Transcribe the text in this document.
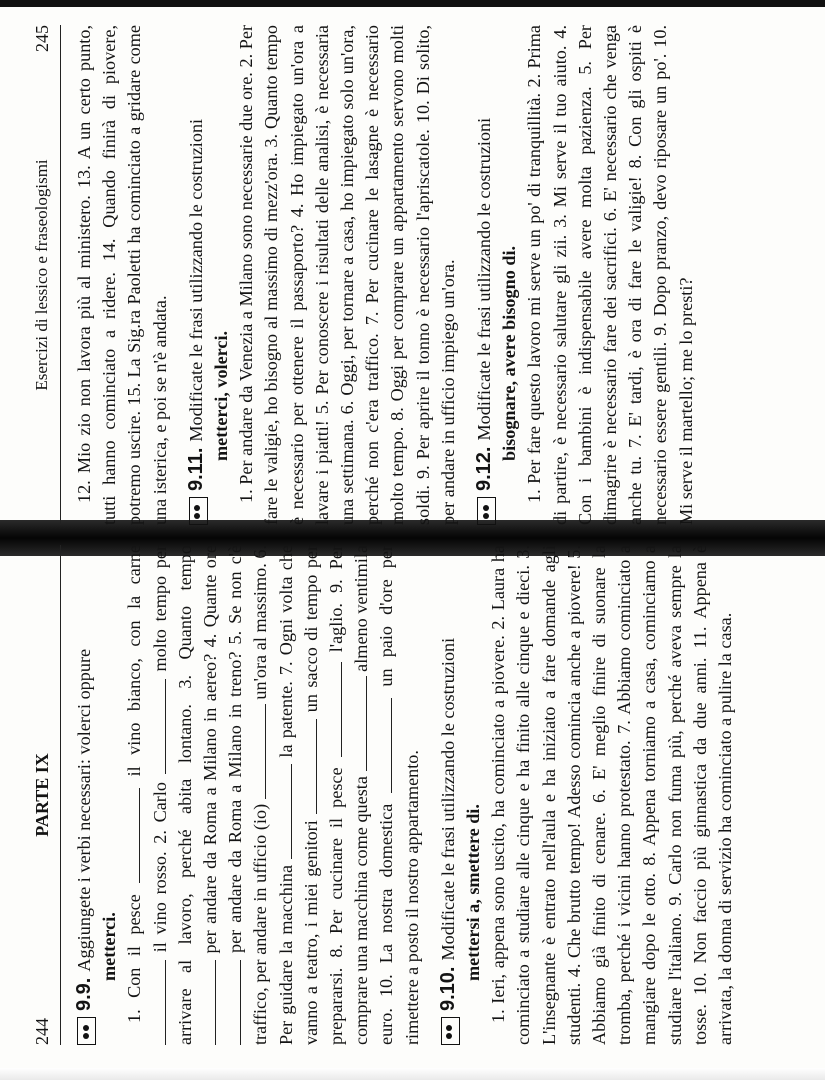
PARTE IX
244
9.9.
Aggiungete i verbi necessari: volerci oppure metterci. 1. Con il pesce  il vino bianco, con la carne  il vino rosso. 2. Carlo  molto tempo per arrivare al lavoro, perché abita lontano. 3. Quanto tempo per andare da Roma a Milano in aereo? 4. Quante ore per andare da Roma a Milano in treno? 5. Se non c'è traffico, per andare in ufficio (io)  un'ora al massimo. 6. Per guidare la macchina  la patente. 7. Ogni volta che vanno a teatro, i miei genitori  un sacco di tempo per prepararsi. 8. Per cucinare il pesce  l'aglio. 9. Per comprare una macchina come questa  almeno ventimila euro. 10. La nostra domestica  un paio d'ore per rimettere a posto il nostro appartamento. 9.10.
Modificate le frasi utilizzando le costruzioni mettersi a, smettere di. 1. Ieri, appena sono uscito, ha cominciato a piovere. 2. Laura ha cominciato a studiare alle cinque e ha finito alle cinque e dieci. 3. L'insegnante è entrato nell'aula e ha iniziato a fare domande agli studenti. 4. Che brutto tempo! Adesso comincia anche a piovere! 5. Abbiamo già finito di cenare. 6. E' meglio finire di suonare la tromba, perché i vicini hanno protestato. 7. Abbiamo cominciato a mangiare dopo le otto. 8. Appena torniamo a casa, cominciamo a studiare l'italiano. 9. Carlo non fuma più, perché aveva sempre la tosse. 10. Non faccio più ginnastica da due anni. 11. Appena è arrivata, la donna di servizio ha cominciato a pulire la casa.
Esercizi di lessico e fraseologismi
245 12. Mio zio non lavora più al ministero. 13. A un certo punto, tutti hanno cominciato a ridere. 14. Quando finirà di piovere, potremo uscire. 15. La Sig.ra Paoletti ha cominciato a gridare come una isterica, e poi se n'è andata. 9.11.
Modificate le frasi utilizzando le costruzioni metterci, volerci. 1. Per andare da Venezia a Milano sono necessarie due ore. 2. Per fare le valigie, ho bisogno al massimo di mezz'ora. 3. Quanto tempo è necessario per ottenere il passaporto? 4. Ho impiegato un'ora a lavare i piatti! 5. Per conoscere i risultati delle analisi, è necessaria una settimana. 6. Oggi, per tornare a casa, ho impiegato solo un'ora, perché non c'era traffico. 7. Per cucinare le lasagne è necessario molto tempo. 8. Oggi per comprare un appartamento servono molti soldi. 9. Per aprire il tonno è necessario l'apriscatole. 10. Di solito, per andare in ufficio impiego un'ora. 9.12.
Modificate le frasi utilizzando le costruzioni bisognare, avere bisogno di. 1. Per fare questo lavoro mi serve un po' di tranquillità. 2. Prima di partire, è necessario salutare gli zii. 3. Mi serve il tuo aiuto. 4. Con i bambini è indispensabile avere molta pazienza. 5. Per dimagrire è necessario fare dei sacrifici. 6. E' necessario che venga anche tu. 7. E' tardi, è ora di fare le valigie! 8. Con gli ospiti è necessario essere gentili. 9. Dopo pranzo, devo riposare un po'. 10. Mi serve il martello; me lo presti?
